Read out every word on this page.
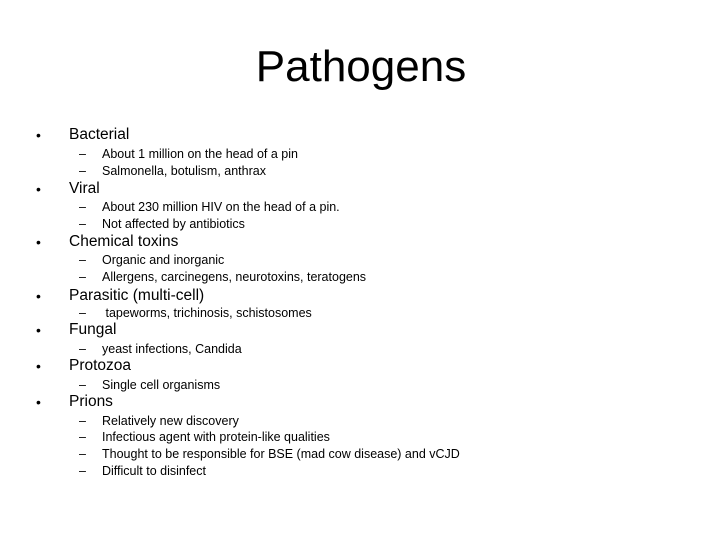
Pathogens
• Bacterial
– About 1 million on the head of a pin
– Salmonella, botulism, anthrax
• Viral
– About 230 million HIV on the head of a pin.
– Not affected by antibiotics
• Chemical toxins
– Organic and inorganic
– Allergens, carcinegens, neurotoxins, teratogens
• Parasitic (multi-cell)
– tapeworms, trichinosis, schistosomes
• Fungal
– yeast infections, Candida
• Protozoa
– Single cell organisms
• Prions
– Relatively new discovery
– Infectious agent with protein-like qualities
– Thought to be responsible for BSE (mad cow disease) and vCJD
– Difficult to disinfect
